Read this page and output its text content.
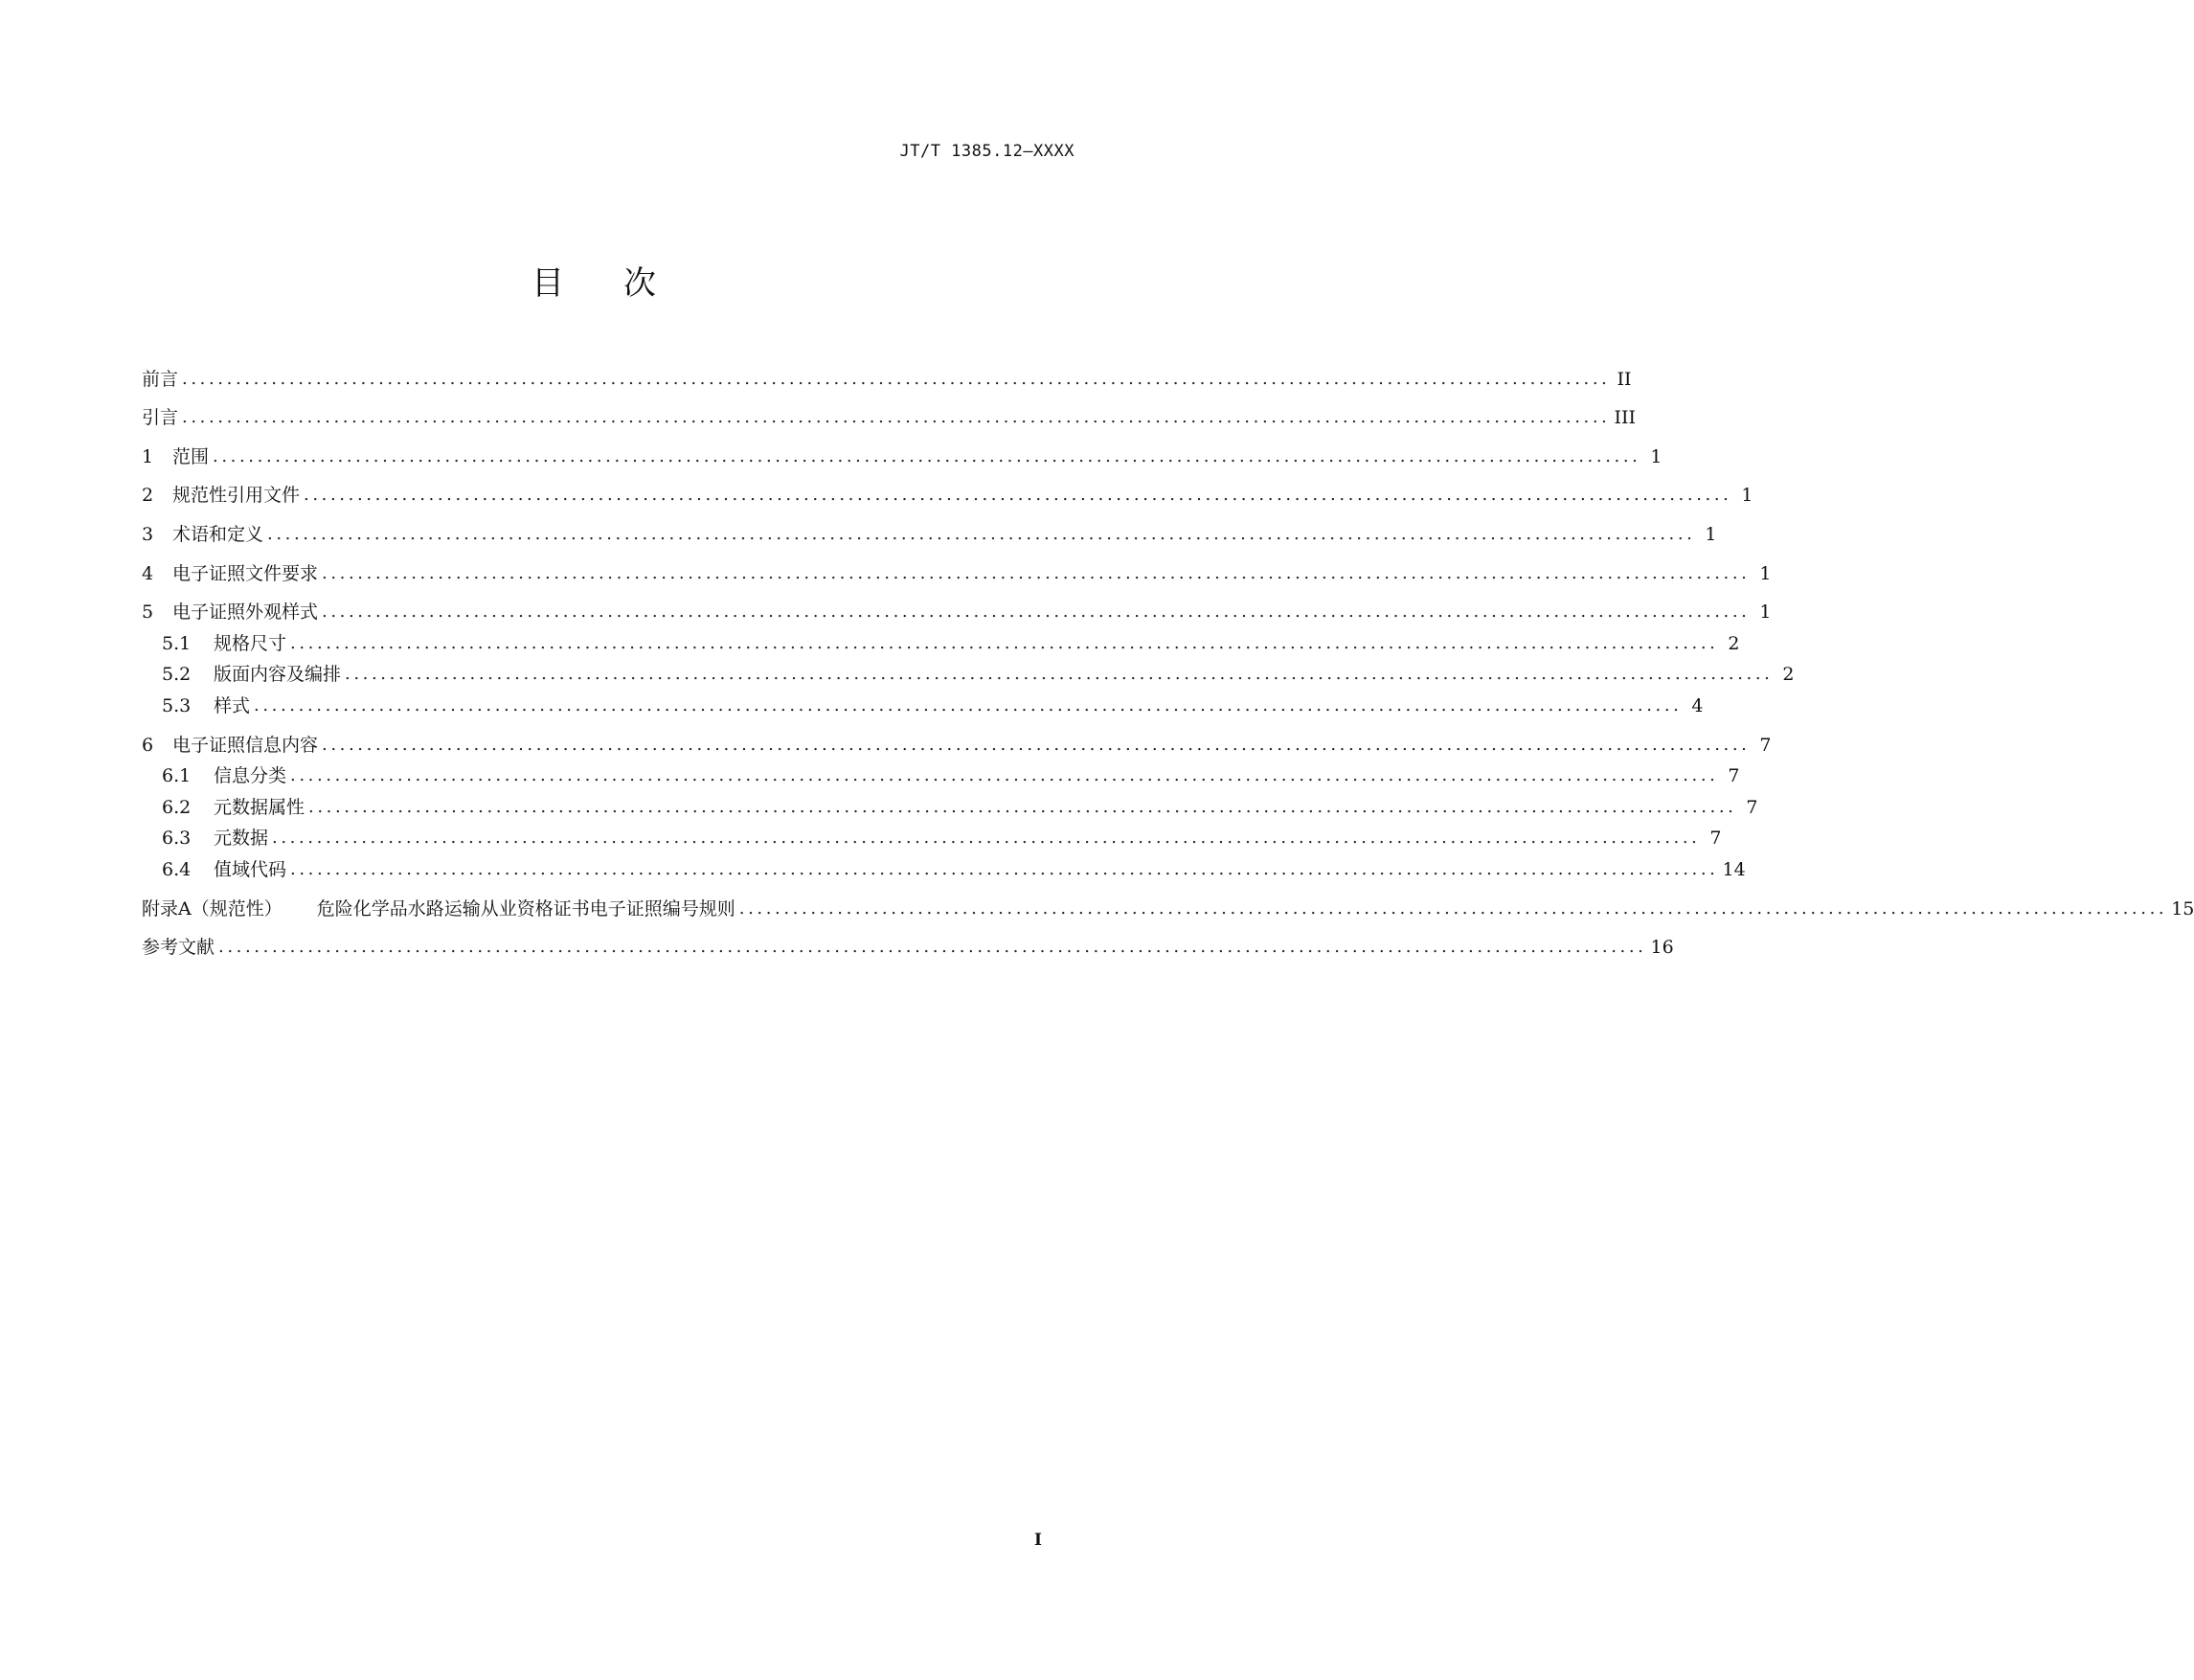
JT/T 1385.12—XXXX
目 次
前言 ................................................................................................................................................................ II
引言 ................................................................................................................................................................ III
1	范围 ................................................................................................................................................................ 1
2	规范性引用文件 ................................................................................................................................................................ 1
3	术语和定义 ................................................................................................................................................................ 1
4	电子证照文件要求 ................................................................................................................................................................ 1
5	电子证照外观样式 ................................................................................................................................................................ 1
5.1	规格尺寸 ................................................................................................................................................................ 2
5.2	版面内容及编排 ................................................................................................................................................................ 2
5.3	样式 ................................................................................................................................................................ 4
6	电子证照信息内容 ................................................................................................................................................................ 7
6.1	信息分类 ................................................................................................................................................................ 7
6.2	元数据属性 ................................................................................................................................................................ 7
6.3	元数据 ................................................................................................................................................................ 7
6.4	值域代码 ................................................................................................................................................................ 14
附录A（规范性） 危险化学品水路运输从业资格证书电子证照编号规则 ................................................................................................................................................................ 15
参考文献 ................................................................................................................................................................ 16
I
